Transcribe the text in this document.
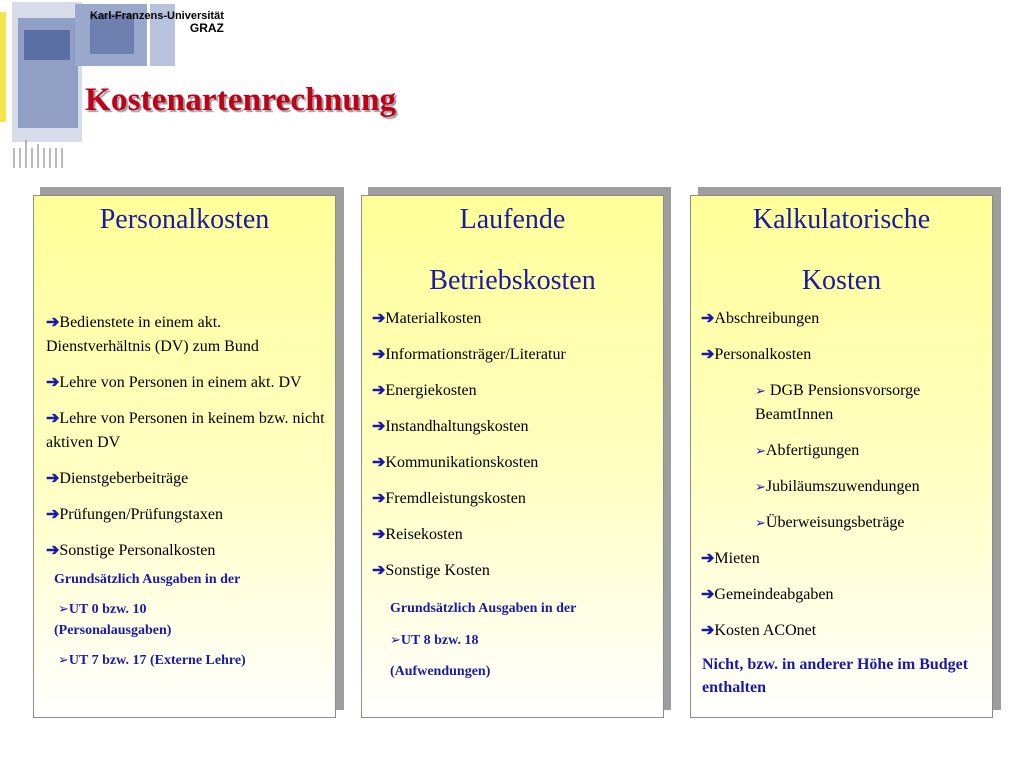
Karl-Franzens-Universität
GRAZ
Kostenartenrechnung
Personalkosten
➔Bedienstete in einem akt. Dienstverhältnis (DV) zum Bund
➔Lehre von Personen in einem akt. DV
➔Lehre von Personen in keinem bzw. nicht aktiven DV
➔Dienstgeberbeiträge
➔Prüfungen/Prüfungstaxen
➔Sonstige Personalkosten
Grundsätzlich Ausgaben in der
➢UT 0 bzw. 10
(Personalausgaben)
➢UT 7 bzw. 17 (Externe Lehre)
Laufende
Betriebskosten
➔Materialkosten
➔Informationsträger/Literatur
➔Energiekosten
➔Instandhaltungskosten
➔Kommunikationskosten
➔Fremdleistungskosten
➔Reisekosten
➔Sonstige Kosten
Grundsätzlich Ausgaben in der
➢UT 8 bzw. 18
(Aufwendungen)
Kalkulatorische
Kosten
➔Abschreibungen
➔Personalkosten
➢ DGB Pensionsvorsorge BeamtInnen
➢Abfertigungen
➢Jubiläumszuwendungen
➢Überweisungsbeträge
➔Mieten
➔Gemeindeabgaben
➔Kosten ACOnet
Nicht, bzw. in anderer Höhe im Budget enthalten
